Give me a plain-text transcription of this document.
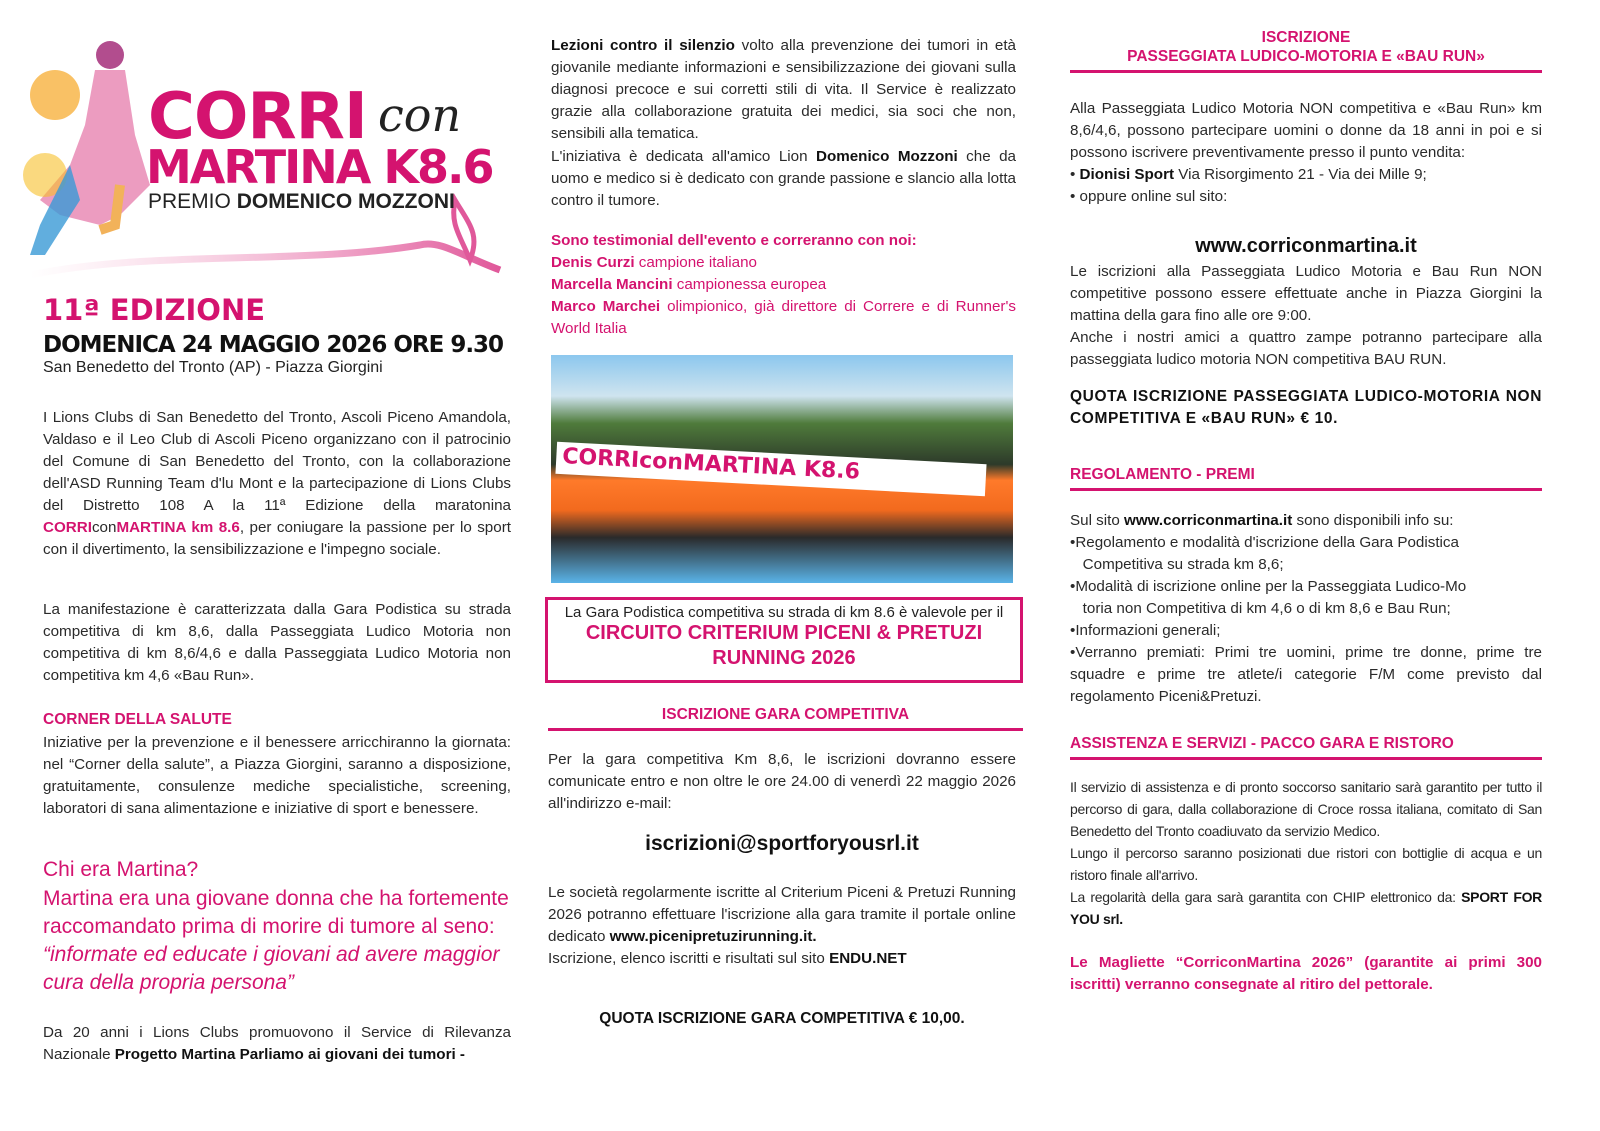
CORRI con
MARTINA K8.6
PREMIO DOMENICO MOZZONI
11ª EDIZIONE
DOMENICA 24 MAGGIO 2026 ORE 9.30
San Benedetto del Tronto (AP) - Piazza Giorgini

I Lions Clubs di San Benedetto del Tronto, Ascoli Piceno Amandola, Valdaso e il Leo Club di Ascoli Piceno organizzano con il patrocinio del Comune di San Benedetto del Tronto, con la collaborazione dell'ASD Running Team d'lu Mont e la partecipazione di Lions Clubs del Distretto 108 A la 11ª Edizione della maratonina CORRIconMARTINA km 8.6, per coniugare la passione per lo sport con il divertimento, la sensibilizzazione e l'impegno sociale.

La manifestazione è caratterizzata dalla Gara Podistica su strada competitiva di km 8,6, dalla Passeggiata Ludico Motoria non competitiva di km 8,6/4,6 e dalla Passeggiata Ludico Motoria non competitiva km 4,6 «Bau Run».

CORNER DELLA SALUTE

Iniziative per la prevenzione e il benessere arricchiranno la giornata: nel “Corner della salute”, a Piazza Giorgini, saranno a disposizione, gratuitamente, consulenze mediche specialistiche, screening, laboratori di sana alimentazione e iniziative di sport e benessere.

Chi era Martina?

Martina era una giovane donna che ha fortemente raccomandato prima di morire di tumore al seno: “informate ed educate i giovani ad avere maggior cura della propria persona”

Da 20 anni i Lions Clubs promuovono il Service di Rilevanza Nazionale Progetto Martina Parliamo ai giovani dei tumori -

Lezioni contro il silenzio volto alla prevenzione dei tumori in età giovanile mediante informazioni e sensibilizzazione dei giovani sulla diagnosi precoce e sui corretti stili di vita. Il Service è realizzato grazie alla collaborazione gratuita dei medici, sia soci che non, sensibili alla tematica.

L'iniziativa è dedicata all'amico Lion Domenico Mozzoni che da uomo e medico si è dedicato con grande passione e slancio alla lotta contro il tumore.

Sono testimonial dell'evento e correranno con noi:
Denis Curzi campione italiano
Marcella Mancini campionessa europea
Marco Marchei olimpionico, già direttore di Correre e di Runner's World Italia

CORRIconMARTINA K8.6
La Gara Podistica competitiva su strada di km 8.6 è valevole per il
CIRCUITO CRITERIUM PICENI & PRETUZI RUNNING 2026
ISCRIZIONE GARA COMPETITIVA

Per la gara competitiva Km 8,6, le iscrizioni dovranno essere comunicate entro e non oltre le ore 24.00 di venerdì 22 maggio 2026 all'indirizzo e-mail:

iscrizioni@sportforyousrl.it

Le società regolarmente iscritte al Criterium Piceni & Pretuzi Running 2026 potranno effettuare l'iscrizione alla gara tramite il portale online dedicato www.picenipretuzirunning.it.
Iscrizione, elenco iscritti e risultati sul sito ENDU.NET

QUOTA ISCRIZIONE GARA COMPETITIVA € 10,00.
ISCRIZIONE
PASSEGGIATA LUDICO-MOTORIA E «BAU RUN»

Alla Passeggiata Ludico Motoria NON competitiva e «Bau Run» km 8,6/4,6, possono partecipare uomini o donne da 18 anni in poi e si possono iscrivere preventivamente presso il punto vendita:
• Dionisi Sport Via Risorgimento 21 - Via dei Mille 9;
• oppure online sul sito:

www.corriconmartina.it

Le iscrizioni alla Passeggiata Ludico Motoria e Bau Run NON competitive possono essere effettuate anche in Piazza Giorgini la mattina della gara fino alle ore 9:00.
Anche i nostri amici a quattro zampe potranno partecipare alla passeggiata ludico motoria NON competitiva BAU RUN.

QUOTA ISCRIZIONE PASSEGGIATA LUDICO-MOTORIA NON COMPETITIVA E «BAU RUN» € 10.
REGOLAMENTO - PREMI

Sul sito www.corriconmartina.it sono disponibili info su:
•Regolamento e modalità d'iscrizione della Gara Podistica
Competitiva su strada km 8,6;
•Modalità di iscrizione online per la Passeggiata Ludico-Mo
toria non Competitiva di km 4,6 o di km 8,6 e Bau Run;
•Informazioni generali;
•Verranno premiati: Primi tre uomini, prime tre donne, prime tre squadre e prime tre atlete/i categorie F/M come previsto dal regolamento Piceni&Pretuzi.

ASSISTENZA E SERVIZI - PACCO GARA E RISTORO

Il servizio di assistenza e di pronto soccorso sanitario sarà garantito per tutto il percorso di gara, dalla collaborazione di Croce rossa italiana, comitato di San Benedetto del Tronto coadiuvato da servizio Medico.
Lungo il percorso saranno posizionati due ristori con bottiglie di acqua e un ristoro finale all'arrivo.
La regolarità della gara sarà garantita con CHIP elettronico da: SPORT FOR YOU srl.

Le Magliette “CorriconMartina 2026” (garantite ai primi 300 iscritti) verranno consegnate al ritiro del pettorale.
